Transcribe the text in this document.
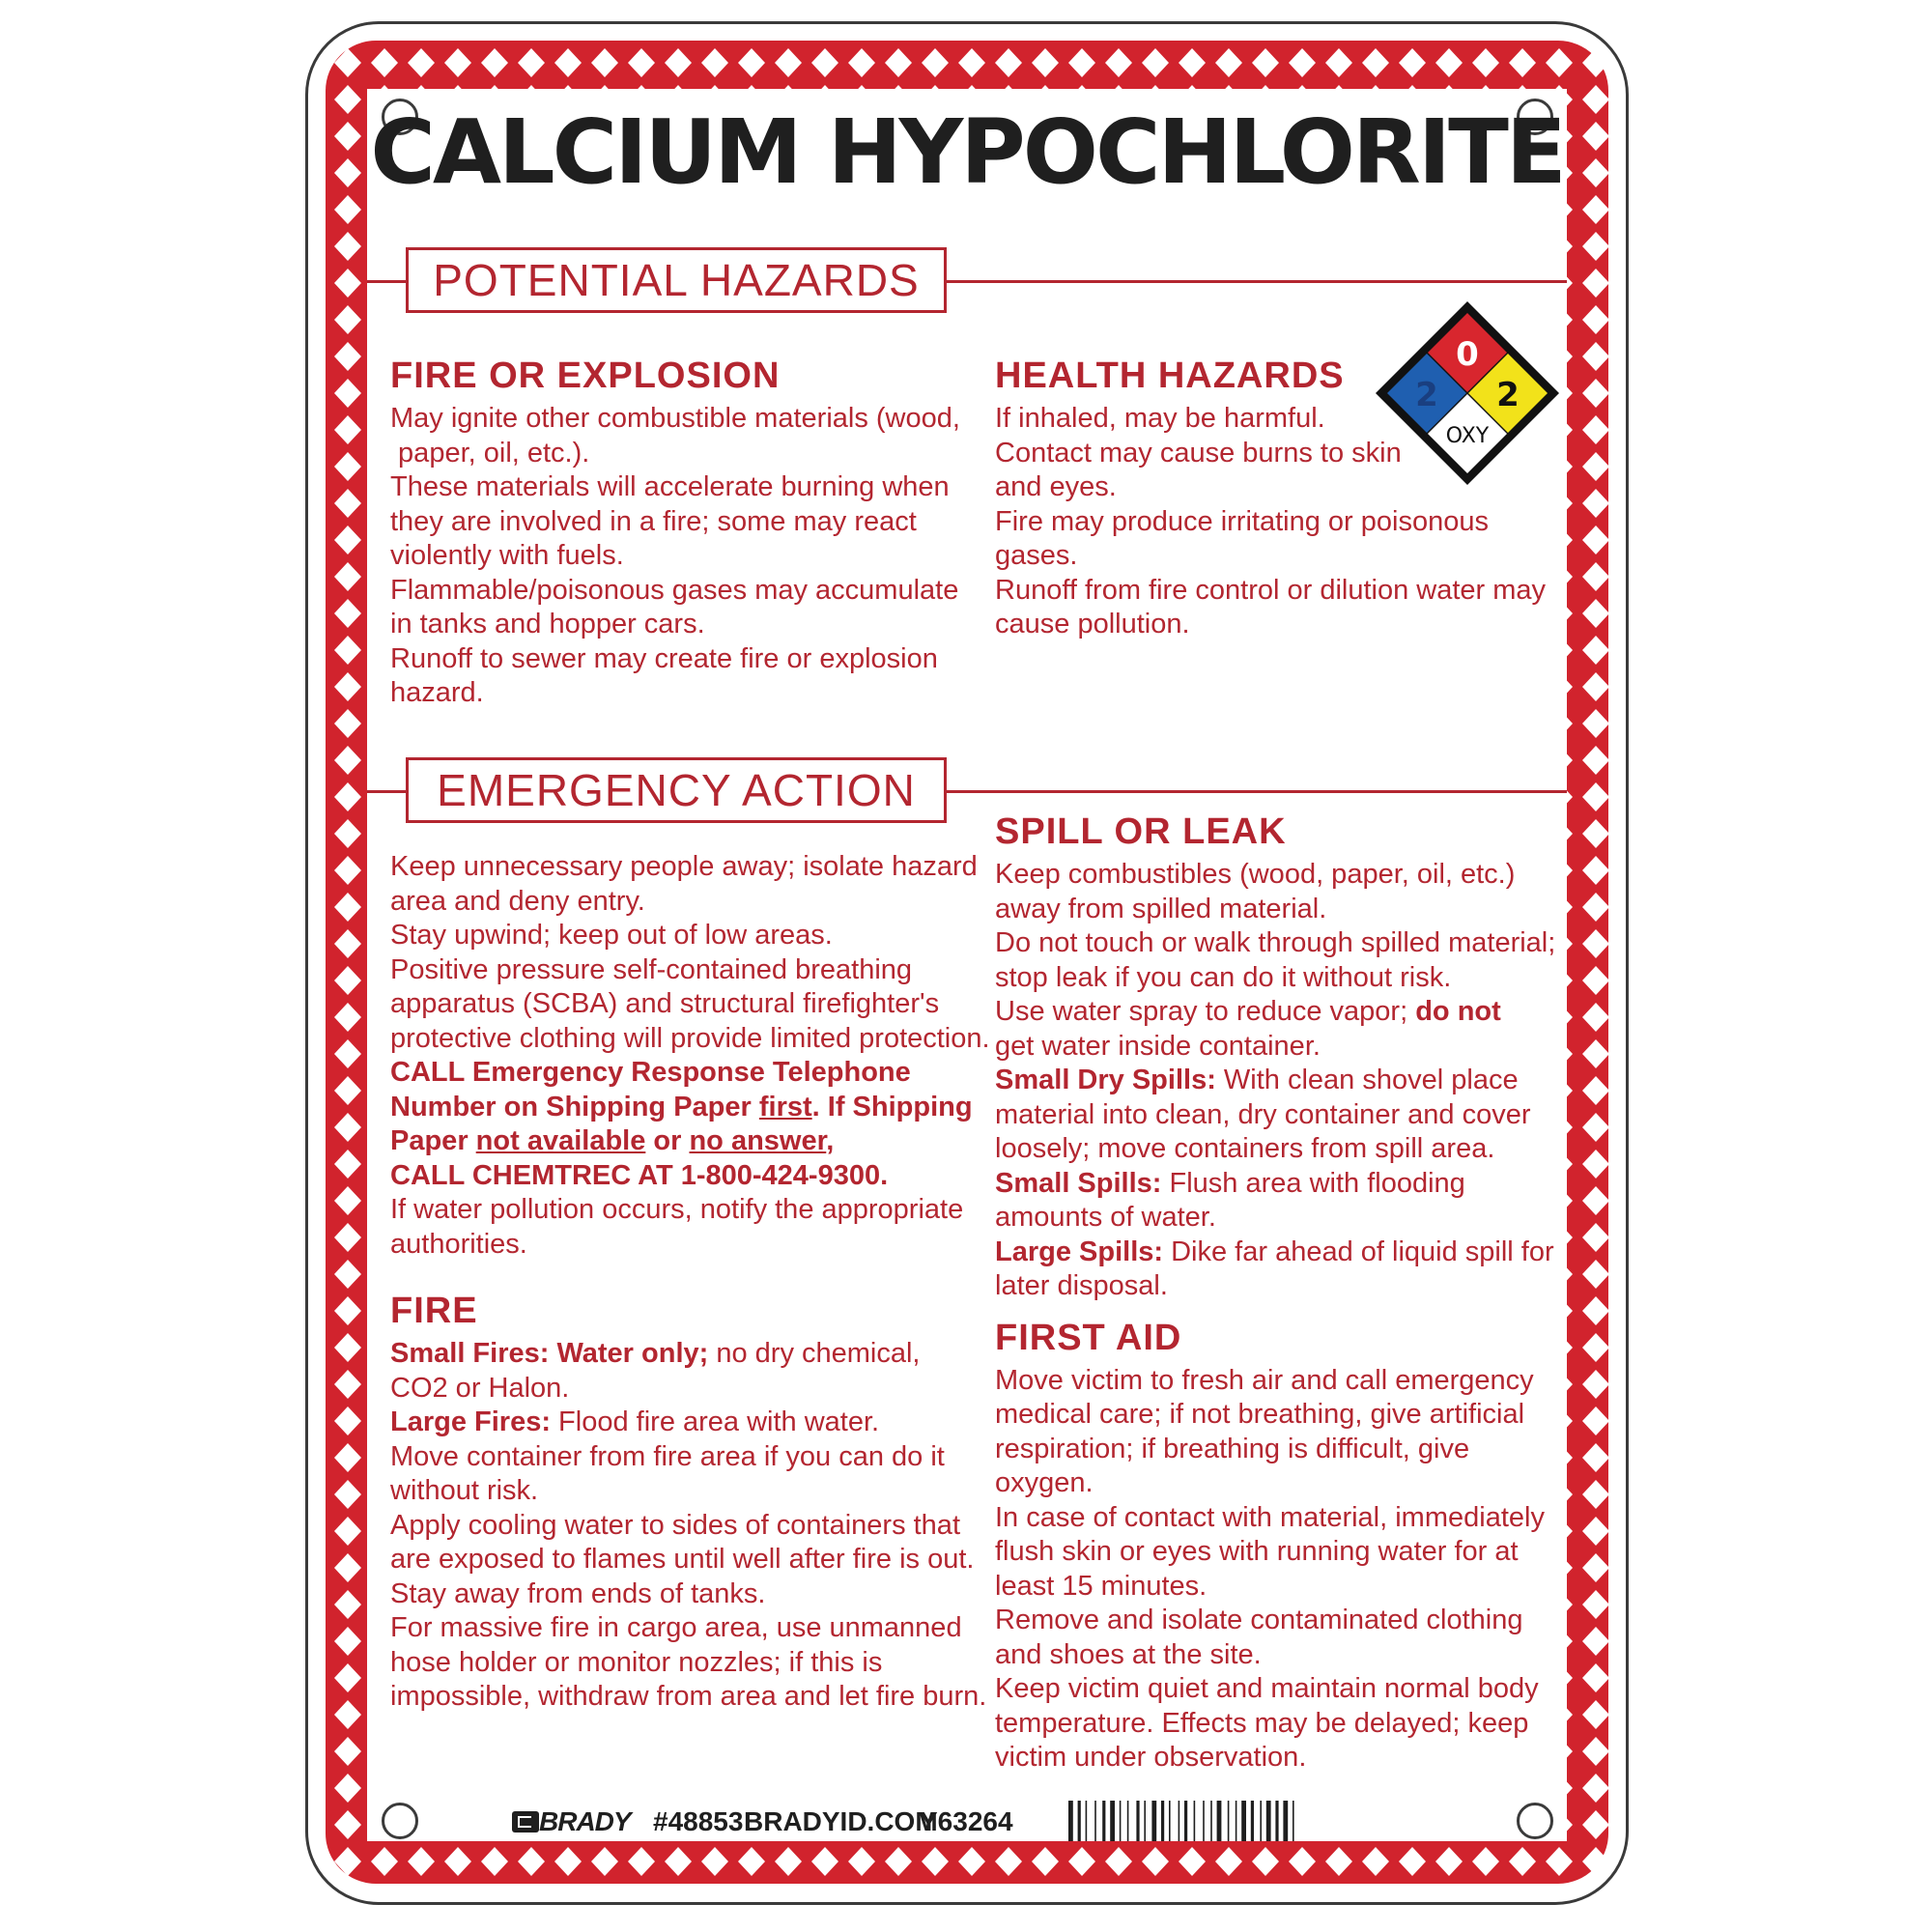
CALCIUM HYPOCHLORITE
POTENTIAL HAZARDS
FIRE OR EXPLOSION

May ignite other combustible materials (wood,

paper, oil, etc.).

These materials will accelerate burning when

they are involved in a fire; some may react

violently with fuels.

Flammable/poisonous gases may accumulate

in tanks and hopper cars.

Runoff to sewer may create fire or explosion

hazard.

HEALTH HAZARDS

If inhaled, may be harmful.

Contact may cause burns to skin

and eyes.

Fire may produce irritating or poisonous

gases.

Runoff from fire control or dilution water may

cause pollution.

0
2 2
OXY
EMERGENCY ACTION

Keep unnecessary people away; isolate hazard

area and deny entry.

Stay upwind; keep out of low areas.

Positive pressure self-contained breathing

apparatus (SCBA) and structural firefighter's

protective clothing will provide limited protection.

CALL Emergency Response Telephone

Number on Shipping Paper first. If Shipping

Paper not available or no answer,

CALL CHEMTREC AT 1-800-424-9300.

If water pollution occurs, notify the appropriate

authorities.

FIRE

Small Fires: Water only; no dry chemical,

CO2 or Halon.

Large Fires: Flood fire area with water.

Move container from fire area if you can do it

without risk.

Apply cooling water to sides of containers that

are exposed to flames until well after fire is out.

Stay away from ends of tanks.

For massive fire in cargo area, use unmanned

hose holder or monitor nozzles; if this is

impossible, withdraw from area and let fire burn.

SPILL OR LEAK

Keep combustibles (wood, paper, oil, etc.)

away from spilled material.

Do not touch or walk through spilled material;

stop leak if you can do it without risk.

Use water spray to reduce vapor; do not

get water inside container.

Small Dry Spills: With clean shovel place

material into clean, dry container and cover

loosely; move containers from spill area.

Small Spills: Flush area with flooding

amounts of water.

Large Spills: Dike far ahead of liquid spill for

later disposal.

FIRST AID

Move victim to fresh air and call emergency

medical care; if not breathing, give artificial

respiration; if breathing is difficult, give

oxygen.

In case of contact with material, immediately

flush skin or eyes with running water for at

least 15 minutes.

Remove and isolate contaminated clothing

and shoes at the site.

Keep victim quiet and maintain normal body

temperature. Effects may be delayed; keep

victim under observation.

BRADY #48853 BRADYID.COM
Y63264
